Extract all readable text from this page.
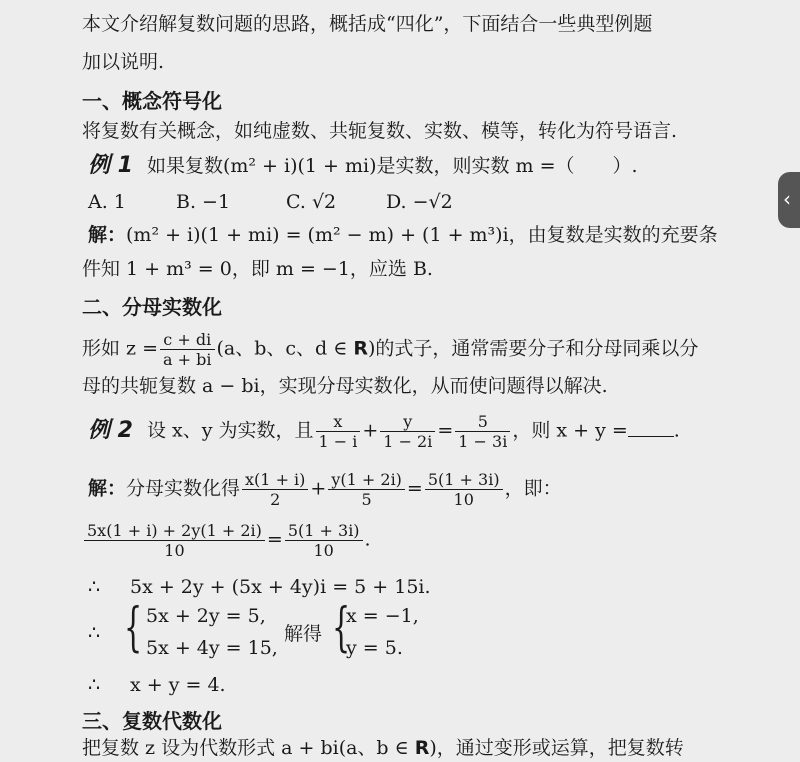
本文介绍解复数问题的思路，概括成“四化”，下面结合一些典型例题
加以说明.
一、概念符号化
将复数有关概念，如纯虚数、共轭复数、实数、模等，转化为符号语言.
例 1 如果复数(m² + i)(1 + mi)是实数，则实数 m =（　　）.
A. 1	B. −1	C. √2	D. −√2
解：(m² + i)(1 + mi) = (m² − m) + (1 + m³)i，由复数是实数的充要条
件知 1 + m³ = 0，即 m = −1，应选 B.
二、分母实数化
形如 $z = \frac{c + di}{a + bi} (a$、b、c、d ∈ R)的式子，通常需要分子和分母同乘以分
母的共轭复数 a − bi，实现分母实数化，从而使问题得以解决.
例 2 设 x、y 为实数，且 $\frac{x}{1 - i} + \frac{y}{1 - 2i} = \frac{5}{1 - 3i}$ ，则 x + y = .
解：分母实数化得 $\frac{x(1 + i)}{2} + \frac{y(1 + 2i)}{5} = \frac{5(1 + 3i)}{10}$ ，即：
$\frac{5x(1 + i) + 2y(1 + 2i)}{10} = \frac{5(1 + 3i)}{10}$ .
∴ 5x + 2y + (5x + 4y)i = 5 + 15i.
∴ { 5x + 2y = 5,
5x + 4y = 15,
解得 {
x = −1,
y = 5.
∴ x + y = 4.
三、复数代数化
把复数 z 设为代数形式 a + bi(a、b ∈ R)，通过变形或运算，把复数转
‹
